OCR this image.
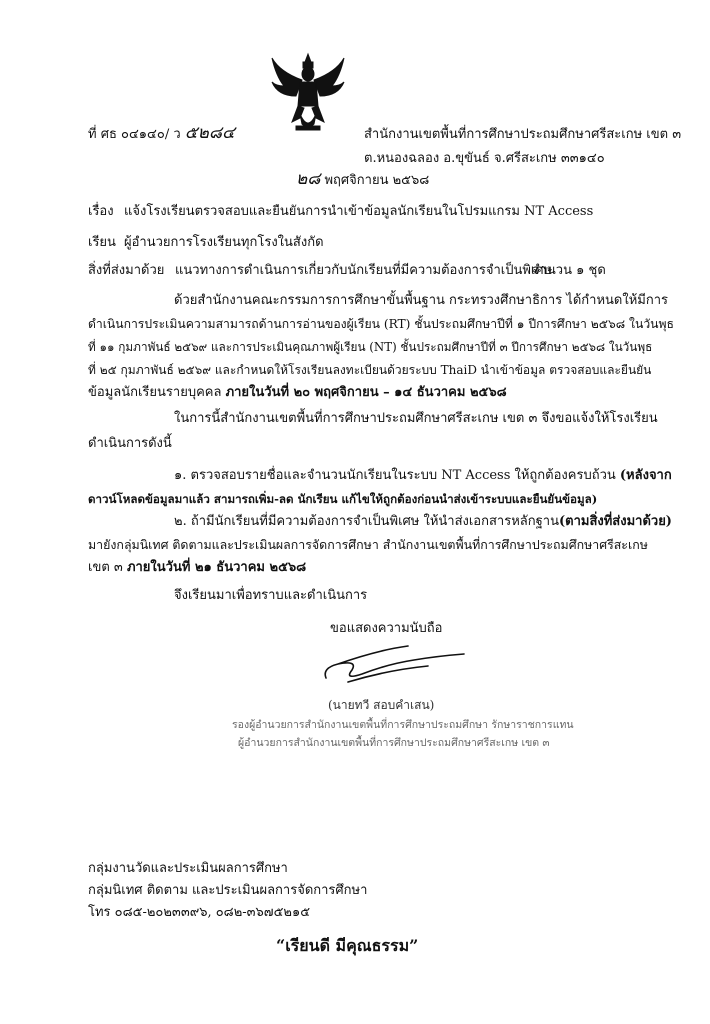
ที่ ศธ ๐๔๑๔๐/ ว ๕๒๘๔	สำนักงานเขตพื้นที่การศึกษาประถมศึกษาศรีสะเกษ เขต ๓
ต.หนองฉลอง อ.ขุขันธ์ จ.ศรีสะเกษ ๓๓๑๔๐
๒๘ พฤศจิกายน ๒๕๖๘
เรื่อง แจ้งโรงเรียนตรวจสอบและยืนยันการนำเข้าข้อมูลนักเรียนในโปรมแกรม NT Access
เรียน ผู้อำนวยการโรงเรียนทุกโรงในสังกัด
สิ่งที่ส่งมาด้วย แนวทางการดำเนินการเกี่ยวกับนักเรียนที่มีความต้องการจำเป็นพิเศษ
จำนวน ๑ ชุด
ด้วยสำนักงานคณะกรรมการการศึกษาขั้นพื้นฐาน กระทรวงศึกษาธิการ ได้กำหนดให้มีการ
ดำเนินการประเมินความสามารถด้านการอ่านของผู้เรียน (RT) ชั้นประถมศึกษาปีที่ ๑ ปีการศึกษา ๒๕๖๘ ในวันพุธ
ที่ ๑๑ กุมภาพันธ์ ๒๕๖๙ และการประเมินคุณภาพผู้เรียน (NT) ชั้นประถมศึกษาปีที่ ๓ ปีการศึกษา ๒๕๖๘ ในวันพุธ
ที่ ๒๕ กุมภาพันธ์ ๒๕๖๙ และกำหนดให้โรงเรียนลงทะเบียนด้วยระบบ ThaiD นำเข้าข้อมูล ตรวจสอบและยืนยัน
ข้อมูลนักเรียนรายบุคคล ภายในวันที่ ๒๐ พฤศจิกายน – ๑๔ ธันวาคม ๒๕๖๘
ในการนี้สำนักงานเขตพื้นที่การศึกษาประถมศึกษาศรีสะเกษ เขต ๓ จึงขอแจ้งให้โรงเรียน
ดำเนินการดังนี้
๑. ตรวจสอบรายชื่อและจำนวนนักเรียนในระบบ NT Access ให้ถูกต้องครบถ้วน (หลังจาก
ดาวน์โหลดข้อมูลมาแล้ว สามารถเพิ่ม-ลด นักเรียน แก้ไขให้ถูกต้องก่อนนำส่งเข้าระบบและยืนยันข้อมูล)
๒. ถ้ามีนักเรียนที่มีความต้องการจำเป็นพิเศษ ให้นำส่งเอกสารหลักฐาน(ตามสิ่งที่ส่งมาด้วย)
มายังกลุ่มนิเทศ ติดตามและประเมินผลการจัดการศึกษา สำนักงานเขตพื้นที่การศึกษาประถมศึกษาศรีสะเกษ
เขต ๓ ภายในวันที่ ๒๑ ธันวาคม ๒๕๖๘
จึงเรียนมาเพื่อทราบและดำเนินการ
ขอแสดงความนับถือ
(นายทวี สอบคำเสน)
รองผู้อำนวยการสำนักงานเขตพื้นที่การศึกษาประถมศึกษา รักษาราชการแทน
ผู้อำนวยการสำนักงานเขตพื้นที่การศึกษาประถมศึกษาศรีสะเกษ เขต ๓
กลุ่มงานวัดและประเมินผลการศึกษา
กลุ่มนิเทศ ติดตาม และประเมินผลการจัดการศึกษา
โทร ๐๘๕-๒๐๒๓๓๙๖, ๐๘๒-๓๖๗๕๒๑๕
“เรียนดี มีคุณธรรม”
